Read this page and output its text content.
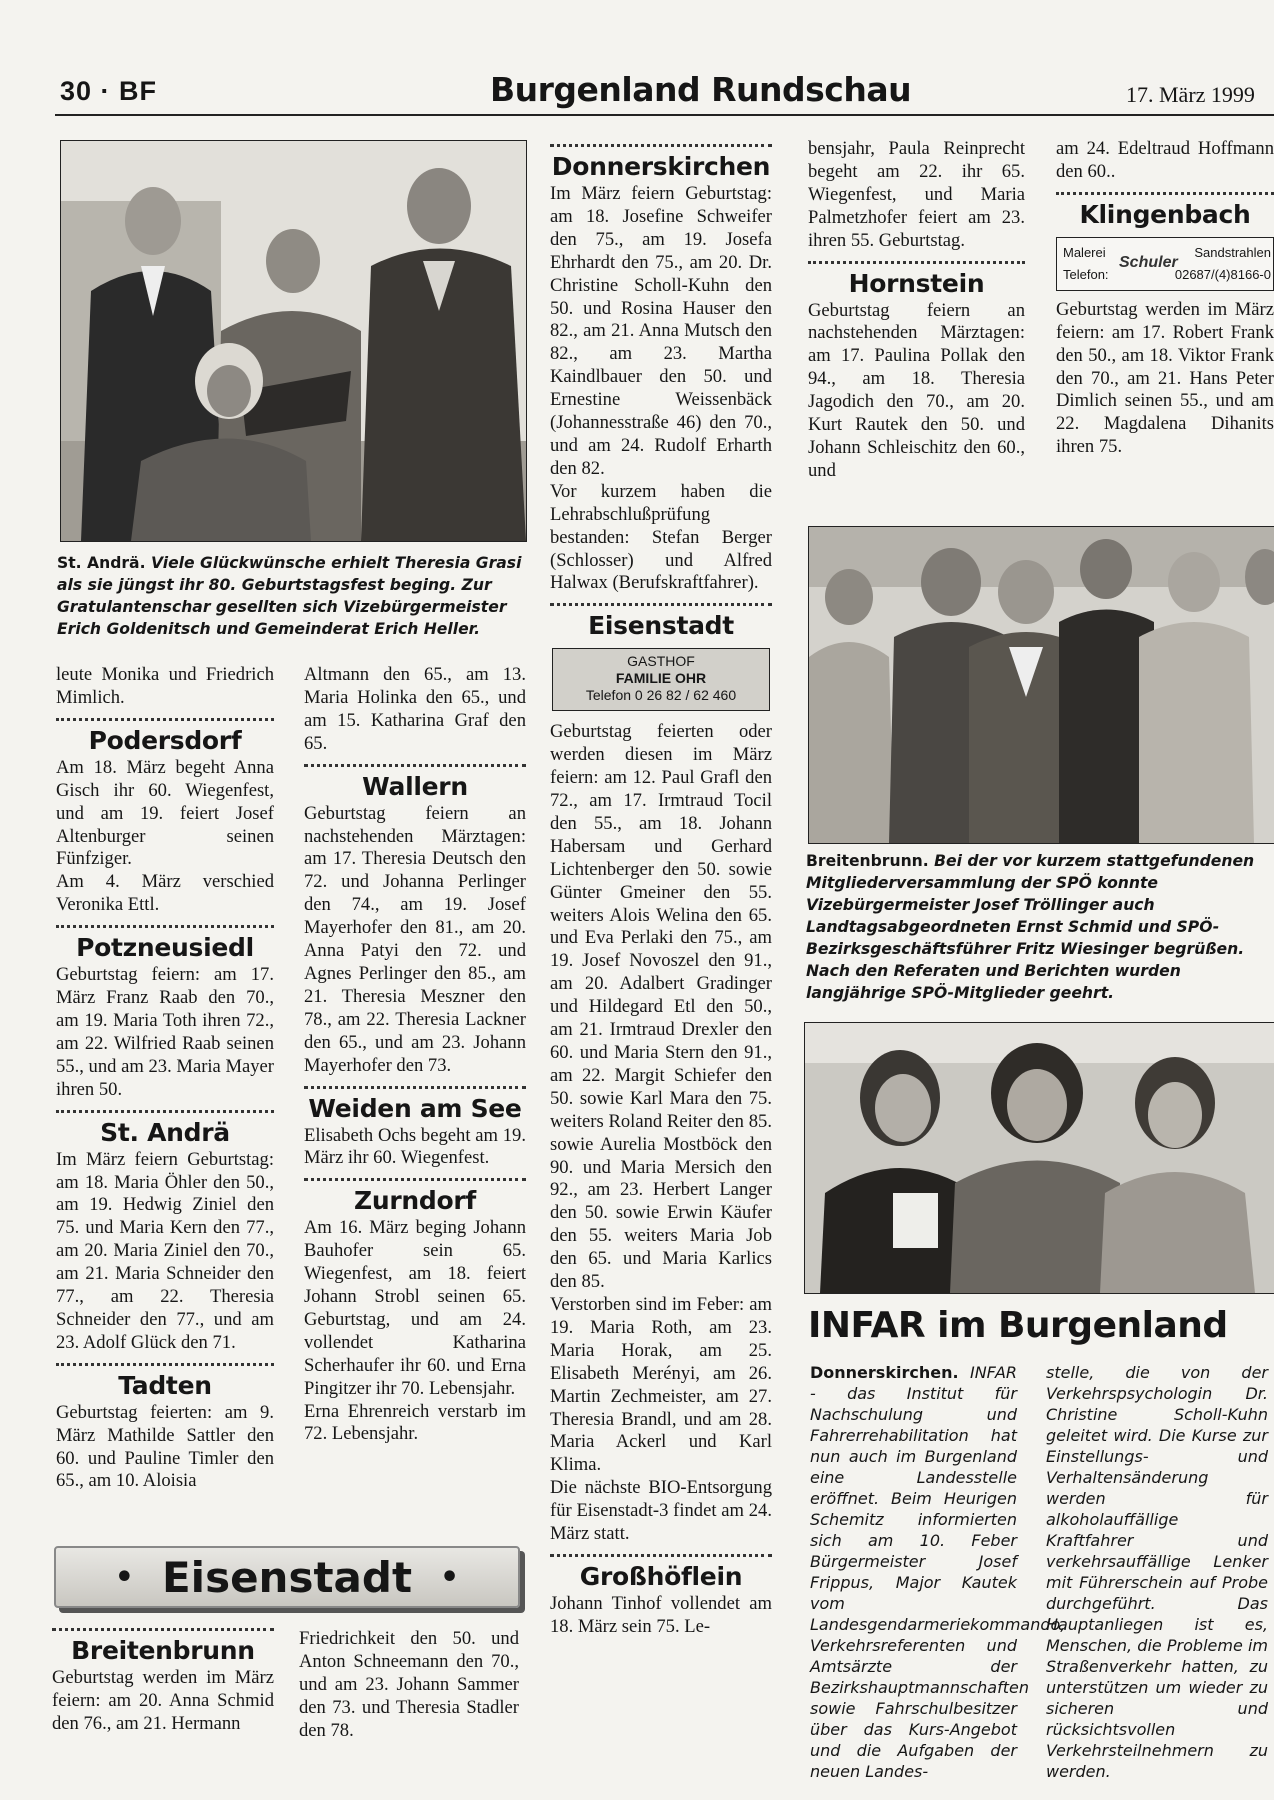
30 · BF	Burgenland Rundschau	17. März 1999
St. Andrä. Viele Glückwünsche erhielt Theresia Grasi als sie jüngst ihr 80. Geburtstagsfest beging. Zur Gratulantenschar gesellten sich Vizebürgermeister Erich Goldenitsch und Gemeinderat Erich Heller.

leute Monika und Friedrich Mimlich.

Podersdorf

Am 18. März begeht Anna Gisch ihr 60. Wiegenfest, und am 19. feiert Josef Altenburger seinen Fünfziger.

Am 4. März verschied Veronika Ettl.

Potzneusiedl

Geburtstag feiern: am 17. März Franz Raab den 70., am 19. Maria Toth ihren 72., am 22. Wilfried Raab seinen 55., und am 23. Maria Mayer ihren 50.

St. Andrä

Im März feiern Geburtstag: am 18. Maria Öhler den 50., am 19. Hedwig Ziniel den 75. und Maria Kern den 77., am 20. Maria Ziniel den 70., am 21. Maria Schneider den 77., am 22. Theresia Schneider den 77., und am 23. Adolf Glück den 71.

Tadten

Geburtstag feierten: am 9. März Mathilde Sattler den 60. und Pauline Timler den 65., am 10. Aloisia

Altmann den 65., am 13. Maria Holinka den 65., und am 15. Katharina Graf den 65.

Wallern

Geburtstag feiern an nachstehenden Märztagen: am 17. Theresia Deutsch den 72. und Johanna Perlinger den 74., am 19. Josef Mayerhofer den 81., am 20. Anna Patyi den 72. und Agnes Perlinger den 85., am 21. Theresia Meszner den 78., am 22. Theresia Lackner den 65., und am 23. Johann Mayerhofer den 73.

Weiden am See

Elisabeth Ochs begeht am 19. März ihr 60. Wiegenfest.

Zurndorf

Am 16. März beging Johann Bauhofer sein 65. Wiegenfest, am 18. feiert Johann Strobl seinen 65. Geburtstag, und am 24. vollendet Katharina Scherhaufer ihr 60. und Erna Pingitzer ihr 70. Lebensjahr.

Erna Ehrenreich verstarb im 72. Lebensjahr.

• Eisenstadt •
Breitenbrunn

Geburtstag werden im März feiern: am 20. Anna Schmid den 76., am 21. Hermann

Friedrichkeit den 50. und Anton Schneemann den 70., und am 23. Johann Sammer den 73. und Theresia Stadler den 78.

Donnerskirchen

Im März feiern Geburtstag: am 18. Josefine Schweifer den 75., am 19. Josefa Ehrhardt den 75., am 20. Dr. Christine Scholl-Kuhn den 50. und Rosina Hauser den 82., am 21. Anna Mutsch den 82., am 23. Martha Kaindlbauer den 50. und Ernestine Weissenbäck (Johannesstraße 46) den 70., und am 24. Rudolf Erharth den 82.

Vor kurzem haben die Lehrabschlußprüfung bestanden: Stefan Berger (Schlosser) und Alfred Halwax (Berufskraftfahrer).

Eisenstadt
GASTHOF
FAMILIE OHR
Telefon 0 26 82 / 62 460

Geburtstag feierten oder werden diesen im März feiern: am 12. Paul Grafl den 72., am 17. Irmtraud Tocil den 55., am 18. Johann Habersam und Gerhard Lichtenberger den 50. sowie Günter Gmeiner den 55. weiters Alois Welina den 65. und Eva Perlaki den 75., am 19. Josef Novoszel den 91., am 20. Adalbert Gradinger und Hildegard Etl den 50., am 21. Irmtraud Drexler den 60. und Maria Stern den 91., am 22. Margit Schiefer den 50. sowie Karl Mara den 75. weiters Roland Reiter den 85. sowie Aurelia Mostböck den 90. und Maria Mersich den 92., am 23. Herbert Langer den 50. sowie Erwin Käufer den 55. weiters Maria Job den 65. und Maria Karlics den 85.

Verstorben sind im Feber: am 19. Maria Roth, am 23. Maria Horak, am 25. Elisabeth Merényi, am 26. Martin Zechmeister, am 27. Theresia Brandl, und am 28. Maria Ackerl und Karl Klima.

Die nächste BIO-Entsorgung für Eisenstadt-3 findet am 24. März statt.

Großhöflein

Johann Tinhof vollendet am 18. März sein 75. Le-

bensjahr, Paula Reinprecht begeht am 22. ihr 65. Wiegenfest, und Maria Palmetzhofer feiert am 23. ihren 55. Geburtstag.

Hornstein

Geburtstag feiern an nachstehenden Märztagen: am 17. Paulina Pollak den 94., am 18. Theresia Jagodich den 70., am 20. Kurt Rautek den 50. und Johann Schleischitz den 60., und

am 24. Edeltraud Hoffmann den 60..

Klingenbach
Malerei	Sandstrahlen
Schuler
Telefon:	02687/(4)8166-0

Geburtstag werden im März feiern: am 17. Robert Frank den 50., am 18. Viktor Frank den 70., am 21. Hans Peter Dimlich seinen 55., und am 22. Magdalena Dihanits ihren 75.

Breitenbrunn. Bei der vor kurzem stattgefundenen Mitgliederversammlung der SPÖ konnte Vizebürgermeister Josef Tröllinger auch Landtagsabgeordneten Ernst Schmid und SPÖ-Bezirksgeschäftsführer Fritz Wiesinger begrüßen. Nach den Referaten und Berichten wurden langjährige SPÖ-Mitglieder geehrt.
INFAR im Burgenland

Donnerskirchen. INFAR - das Institut für Nachschulung und Fahrerrehabilitation hat nun auch im Burgenland eine Landesstelle eröffnet. Beim Heurigen Schemitz informierten sich am 10. Feber Bürgermeister Josef Frippus, Major Kautek vom Landesgendarmeriekommando, Verkehrsreferenten und Amtsärzte der Bezirkshauptmannschaften sowie Fahrschulbesitzer über das Kurs-Angebot und die Aufgaben der neuen Landes-

stelle, die von der Verkehrspsychologin Dr. Christine Scholl-Kuhn geleitet wird. Die Kurse zur Einstellungs- und Verhaltensänderung werden für alkoholauffällige Kraftfahrer und verkehrsauffällige Lenker mit Führerschein auf Probe durchgeführt. Das Hauptanliegen ist es, Menschen, die Probleme im Straßenverkehr hatten, zu unterstützen um wieder zu sicheren und rücksichtsvollen Verkehrsteilnehmern zu werden.
